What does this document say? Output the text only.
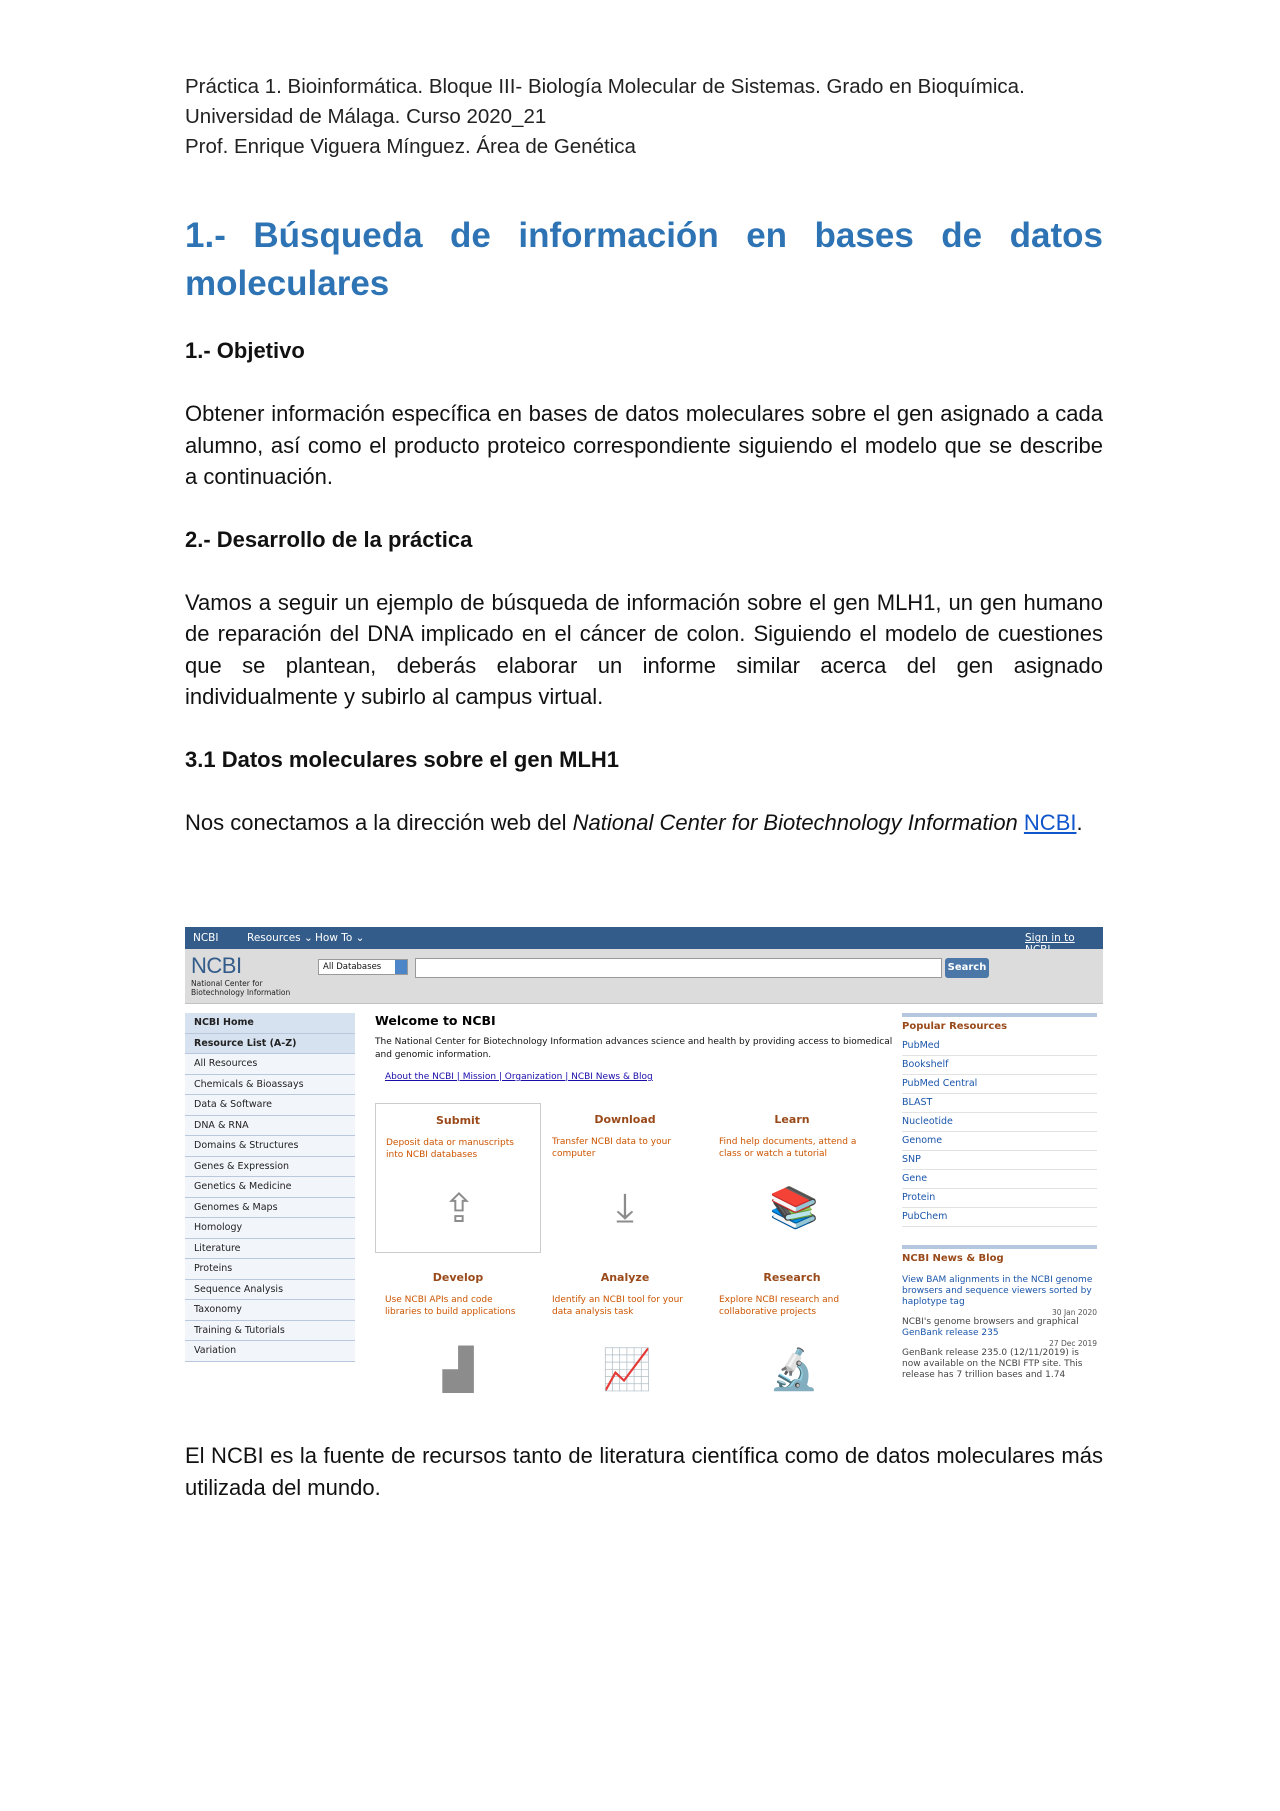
Práctica 1. Bioinformática. Bloque III- Biología Molecular de Sistemas. Grado en Bioquímica.
Universidad de Málaga. Curso 2020_21
Prof. Enrique Viguera Mínguez. Área de Genética
1.- Búsqueda de información en bases de datos moleculares
1.- Objetivo
Obtener información específica en bases de datos moleculares sobre el gen asignado a cada alumno, así como el producto proteico correspondiente siguiendo el modelo que se describe a continuación.
2.- Desarrollo de la práctica
Vamos a seguir un ejemplo de búsqueda de información sobre el gen MLH1, un gen humano de reparación del DNA implicado en el cáncer de colon. Siguiendo el modelo de cuestiones que se plantean, deberás elaborar un informe similar acerca del gen asignado individualmente y subirlo al campus virtual.
3.1 Datos moleculares sobre el gen MLH1
Nos conectamos a la dirección web del National Center for Biotechnology Information NCBI.
NCBI	Resources ⌄ How To ⌄	Sign in to
NCBI
National Center for
Biotechnology Information
All Databases	Search
NCBI Home
Resource List (A-Z)
All Resources
Chemicals & Bioassays
Data & Software
DNA & RNA
Domains & Structures
Genes & Expression
Genetics & Medicine
Genomes & Maps
Homology
Literature
Proteins
Sequence Analysis
Taxonomy
Training & Tutorials
Variation
Welcome to NCBI
The National Center for Biotechnology Information advances science and health by providing access to biomedical and genomic information.
About the NCBI | Mission | Organization | NCBI News & Blog
Submit
Deposit data or manuscripts into NCBI databases
⇪
Download
Transfer NCBI data to your computer
⤓
Learn
Find help documents, attend a class or watch a tutorial
📚
Develop
Use NCBI APIs and code libraries to build applications
▟
Analyze
Identify an NCBI tool for your data analysis task
📈
Research
Explore NCBI research and collaborative projects
🔬
Popular Resources
PubMed
Bookshelf
PubMed Central
BLAST
Nucleotide
Genome
SNP
Gene
Protein
PubChem
NCBI News & Blog
View BAM alignments in the NCBI genome browsers and sequence viewers sorted by haplotype tag
30 Jan 2020
NCBI's genome browsers and graphical
GenBank release 235
27 Dec 2019
GenBank release 235.0 (12/11/2019) is now available on the NCBI FTP site. This release has 7 trillion bases and 1.74
El NCBI es la fuente de recursos tanto de literatura científica como de datos moleculares más utilizada del mundo.
